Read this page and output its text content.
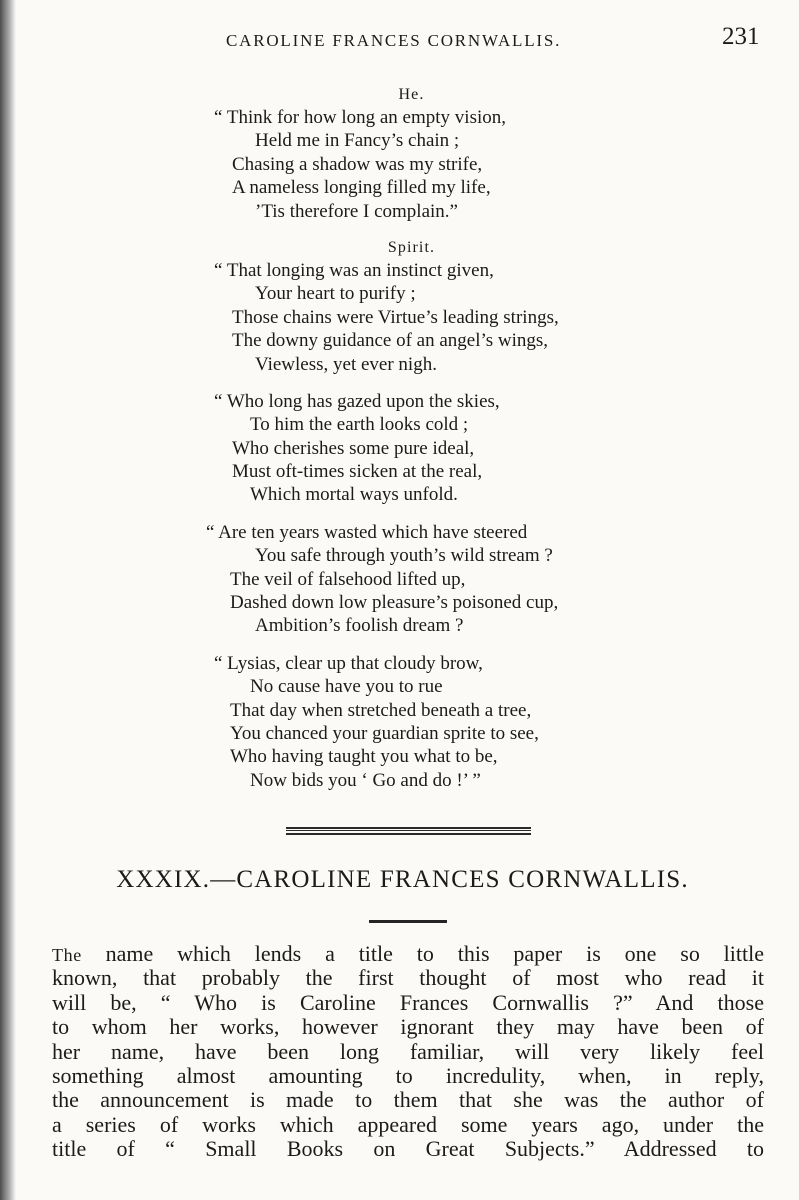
CAROLINE FRANCES CORNWALLIS.	231
He.
“ Think for how long an empty vision,
Held me in Fancy’s chain ;
Chasing a shadow was my strife,
A nameless longing filled my life,
’Tis therefore I complain.”
Spirit.
“ That longing was an instinct given,
Your heart to purify ;
Those chains were Virtue’s leading strings,
The downy guidance of an angel’s wings,
Viewless, yet ever nigh.
“ Who long has gazed upon the skies,
To him the earth looks cold ;
Who cherishes some pure ideal,
Must oft-times sicken at the real,
Which mortal ways unfold.
“ Are ten years wasted which have steered
You safe through youth’s wild stream ?
The veil of falsehood lifted up,
Dashed down low pleasure’s poisoned cup,
Ambition’s foolish dream ?
“ Lysias, clear up that cloudy brow,
No cause have you to rue
That day when stretched beneath a tree,
You chanced your guardian sprite to see,
Who having taught you what to be,
Now bids you ‘ Go and do !’ ”
XXXIX.—CAROLINE FRANCES CORNWALLIS.
The name which lends a title to this paper is one so little
known, that probably the first thought of most who read it
will be, “ Who is Caroline Frances Cornwallis ?” And those
to whom her works, however ignorant they may have been of
her name, have been long familiar, will very likely feel
something almost amounting to incredulity, when, in reply,
the announcement is made to them that she was the author of
a series of works which appeared some years ago, under the
title of “ Small Books on Great Subjects.” Addressed to
